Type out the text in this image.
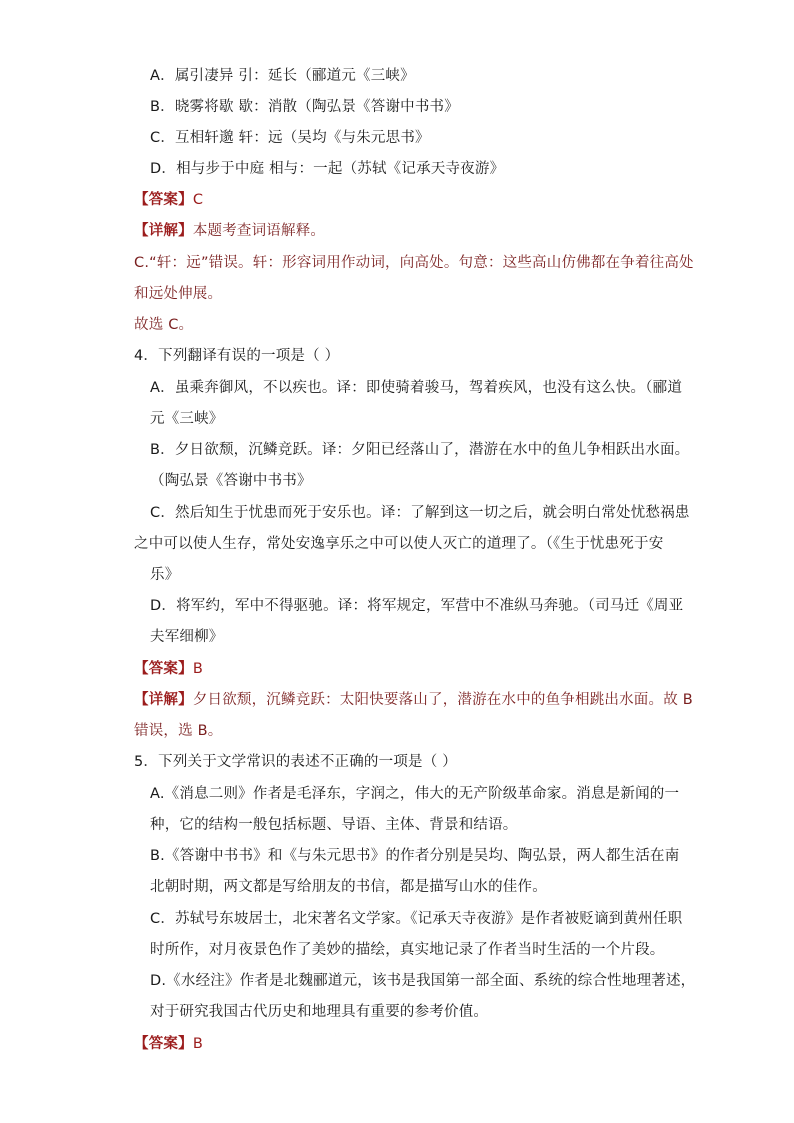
A．属引凄异 引：延长（郦道元《三峡》
B．晓雾将歇 歇：消散（陶弘景《答谢中书书》
C．互相轩邈 轩：远（吴均《与朱元思书》
D．相与步于中庭 相与：一起（苏轼《记承天寺夜游》
【答案】C
【详解】本题考查词语解释。
C.“轩：远”错误。轩：形容词用作动词，向高处。句意：这些高山仿佛都在争着往高处
和远处伸展。
故选 C。
4．下列翻译有误的一项是（ ）
A．虽乘奔御风，不以疾也。译：即使骑着骏马，驾着疾风，也没有这么快。（郦道
元《三峡》
B．夕日欲颓，沉鳞竞跃。译：夕阳已经落山了，潜游在水中的鱼儿争相跃出水面。
（陶弘景《答谢中书书》
C．然后知生于忧患而死于安乐也。译：了解到这一切之后，就会明白常处忧愁祸患
之中可以使人生存，常处安逸享乐之中可以使人灭亡的道理了。（《生于忧患死于安
乐》
D．将军约，军中不得驱驰。译：将军规定，军营中不准纵马奔驰。（司马迁《周亚
夫军细柳》
【答案】B
【详解】夕日欲颓，沉鳞竞跃：太阳快要落山了，潜游在水中的鱼争相跳出水面。故 B
错误，选 B。
5．下列关于文学常识的表述不正确的一项是（ ）
A.《消息二则》作者是毛泽东，字润之，伟大的无产阶级革命家。消息是新闻的一
种，它的结构一般包括标题、导语、主体、背景和结语。
B.《答谢中书书》和《与朱元思书》的作者分别是吴均、陶弘景，两人都生活在南
北朝时期，两文都是写给朋友的书信，都是描写山水的佳作。
C．苏轼号东坡居士，北宋著名文学家。《记承天寺夜游》是作者被贬谪到黄州任职
时所作，对月夜景色作了美妙的描绘，真实地记录了作者当时生活的一个片段。
D.《水经注》作者是北魏郦道元，该书是我国第一部全面、系统的综合性地理著述，
对于研究我国古代历史和地理具有重要的参考价值。
【答案】B
